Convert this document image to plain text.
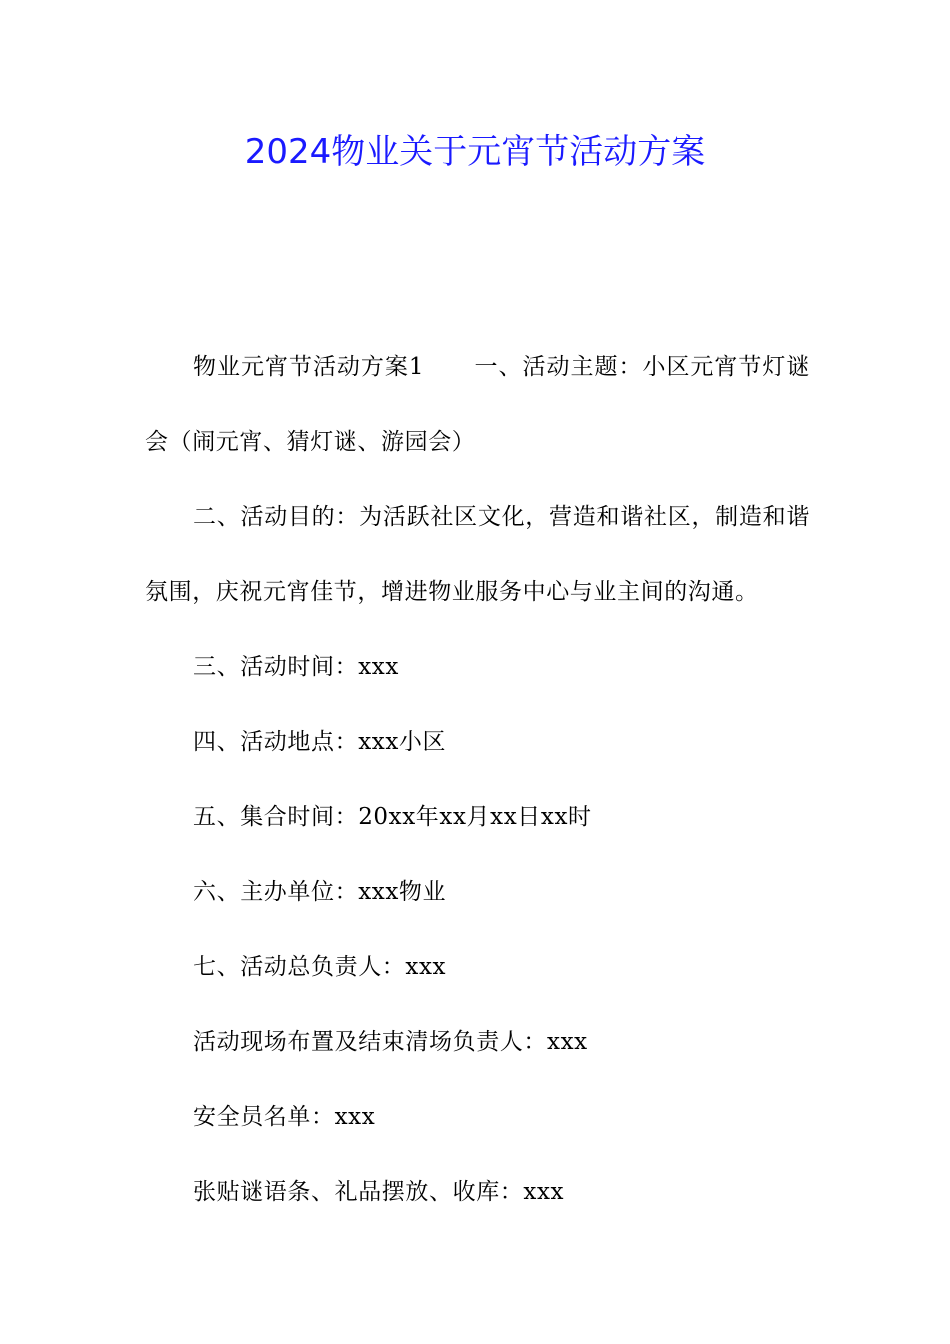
2024物业关于元宵节活动方案

物业元宵节活动方案1 一、活动主题：小区元宵节灯谜会（闹元宵、猜灯谜、游园会）

二、活动目的：为活跃社区文化，营造和谐社区，制造和谐氛围，庆祝元宵佳节，增进物业服务中心与业主间的沟通。

三、活动时间：xxx

四、活动地点：xxx小区

五、集合时间：20xx年xx月xx日xx时

六、主办单位：xxx物业

七、活动总负责人：xxx

活动现场布置及结束清场负责人：xxx

安全员名单：xxx

张贴谜语条、礼品摆放、收库：xxx
